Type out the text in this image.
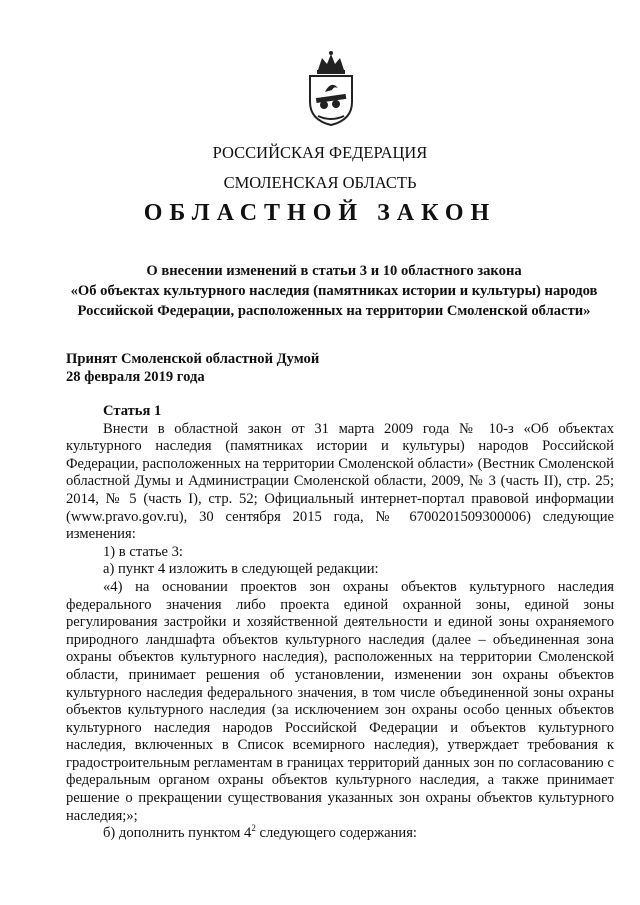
РОССИЙСКАЯ ФЕДЕРАЦИЯ
СМОЛЕНСКАЯ ОБЛАСТЬ
ОБЛАСТНОЙ ЗАКОН
О внесении изменений в статьи 3 и 10 областного закона
«Об объектах культурного наследия (памятниках истории и культуры) народов
Российской Федерации, расположенных на территории Смоленской области»
Принят Смоленской областной Думой
28 февраля 2019 года

Статья 1

Внести в областной закон от 31 марта 2009 года № 10-з «Об объектах культурного наследия (памятниках истории и культуры) народов Российской Федерации, расположенных на территории Смоленской области» (Вестник Смоленской областной Думы и Администрации Смоленской области, 2009, № 3 (часть II), стр. 25; 2014, № 5 (часть I), стр. 52; Официальный интернет-портал правовой информации (www.pravo.gov.ru), 30 сентября 2015 года, № 6700201509300006) следующие изменения:

1) в статье 3:

а) пункт 4 изложить в следующей редакции:

«4) на основании проектов зон охраны объектов культурного наследия федерального значения либо проекта единой охранной зоны, единой зоны регулирования застройки и хозяйственной деятельности и единой зоны охраняемого природного ландшафта объектов культурного наследия (далее – объединенная зона охраны объектов культурного наследия), расположенных на территории Смоленской области, принимает решения об установлении, изменении зон охраны объектов культурного наследия федерального значения, в том числе объединенной зоны охраны объектов культурного наследия (за исключением зон охраны особо ценных объектов культурного наследия народов Российской Федерации и объектов культурного наследия, включенных в Список всемирного наследия), утверждает требования к градостроительным регламентам в границах территорий данных зон по согласованию с федеральным органом охраны объектов культурного наследия, а также принимает решение о прекращении существования указанных зон охраны объектов культурного наследия;»;

б) дополнить пунктом $4^2$ следующего содержания:
